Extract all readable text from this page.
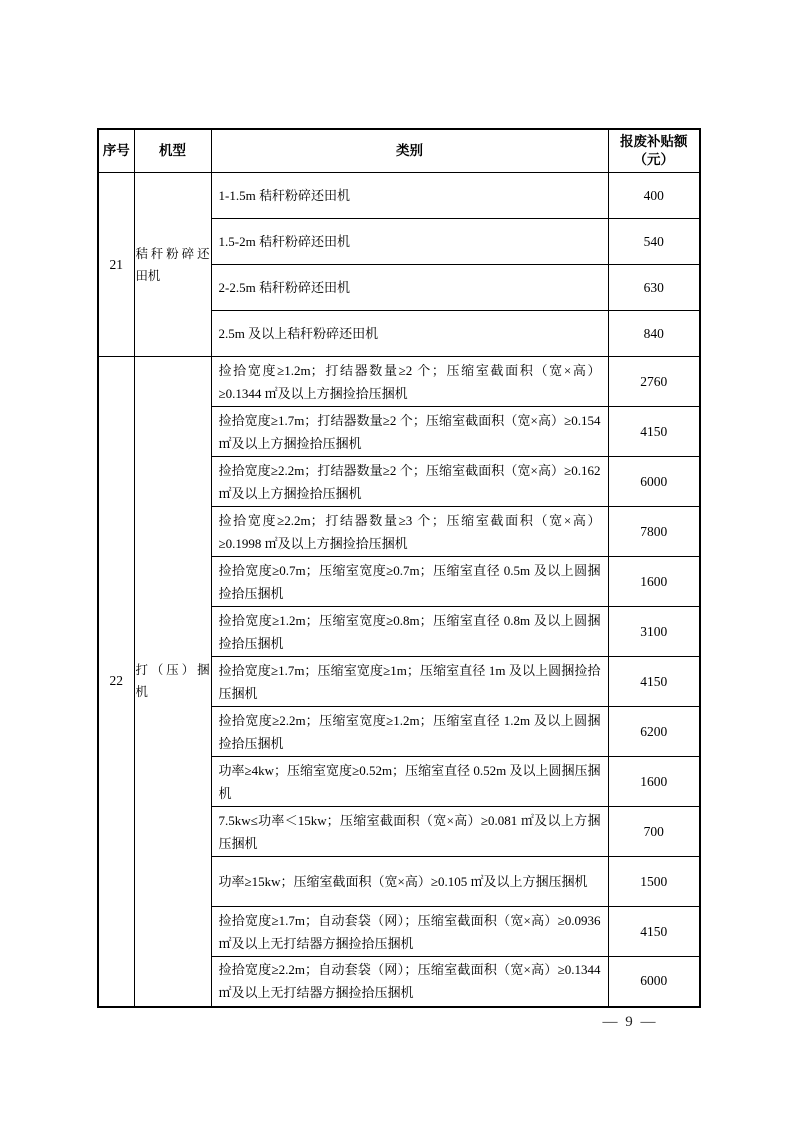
序号	机型	类别	报废补贴额
（元）

21	秸秆粉碎还田机	1-1.5m 秸秆粉碎还田机	400
		1.5-2m 秸秆粉碎还田机	540
		2-2.5m 秸秆粉碎还田机	630
		2.5m 及以上秸秆粉碎还田机	840
22	打（压）捆机	捡拾宽度≥1.2m；打结器数量≥2 个；压缩室截面积（宽×高）≥0.1344 ㎡及以上方捆捡拾压捆机	2760
		捡拾宽度≥1.7m；打结器数量≥2 个；压缩室截面积（宽×高）≥0.154 ㎡及以上方捆捡拾压捆机	4150
		捡拾宽度≥2.2m；打结器数量≥2 个；压缩室截面积（宽×高）≥0.162 ㎡及以上方捆捡拾压捆机	6000
		捡拾宽度≥2.2m；打结器数量≥3 个；压缩室截面积（宽×高）≥0.1998 ㎡及以上方捆捡拾压捆机	7800
		捡拾宽度≥0.7m；压缩室宽度≥0.7m；压缩室直径 0.5m 及以上圆捆捡拾压捆机	1600
		捡拾宽度≥1.2m；压缩室宽度≥0.8m；压缩室直径 0.8m 及以上圆捆捡拾压捆机	3100
		捡拾宽度≥1.7m；压缩室宽度≥1m；压缩室直径 1m 及以上圆捆捡拾压捆机	4150
		捡拾宽度≥2.2m；压缩室宽度≥1.2m；压缩室直径 1.2m 及以上圆捆捡拾压捆机	6200
		功率≥4kw；压缩室宽度≥0.52m；压缩室直径 0.52m 及以上圆捆压捆机	1600
		7.5kw≤功率＜15kw；压缩室截面积（宽×高）≥0.081 ㎡及以上方捆压捆机	700
		功率≥15kw；压缩室截面积（宽×高）≥0.105 ㎡及以上方捆压捆机	1500
		捡拾宽度≥1.7m；自动套袋（网）；压缩室截面积（宽×高）≥0.0936 ㎡及以上无打结器方捆捡拾压捆机	4150
		捡拾宽度≥2.2m；自动套袋（网）；压缩室截面积（宽×高）≥0.1344 ㎡及以上无打结器方捆捡拾压捆机	6000
— 9 —
